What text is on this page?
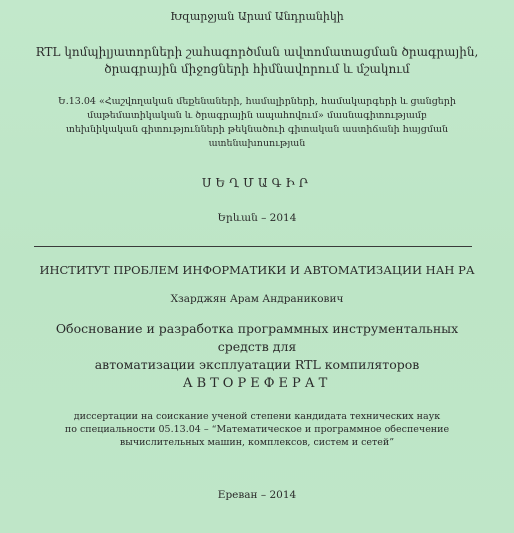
Խզարջյան Արամ Անդրանիկի
RTL կոմպիլյատորների շահագործման ավտոմատացման ծրագրային,
ծրագրային միջոցների հիմնավորում և մշակում
Ե.13.04 «Հաշվողական մեքենաների, համալիրների, համակարգերի և ցանցերի
մաթեմատիկական և ծրագրային ապահովում» մասնագիտությամբ
տեխնիկական գիտությունների թեկնածուի գիտական աստիճանի հայցման
ատենախոսության
ՍԵՂՄԱԳԻՐ
Երևան – 2014
ИНСТИТУТ ПРОБЛЕМ ИНФОРМАТИКИ И АВТОМАТИЗАЦИИ НАН РА
Хзарджян Арам Андраникович
Обоснование и разработка программных инструментальных средств для
автоматизации эксплуатации RTL компиляторов
АВТОРЕФЕРАТ
диссертации на соискание ученой степени кандидата технических наук
по специальности 05.13.04 – “Математическое и программное обеспечение
вычислительных машин, комплексов, систем и сетей”
Ереван – 2014
